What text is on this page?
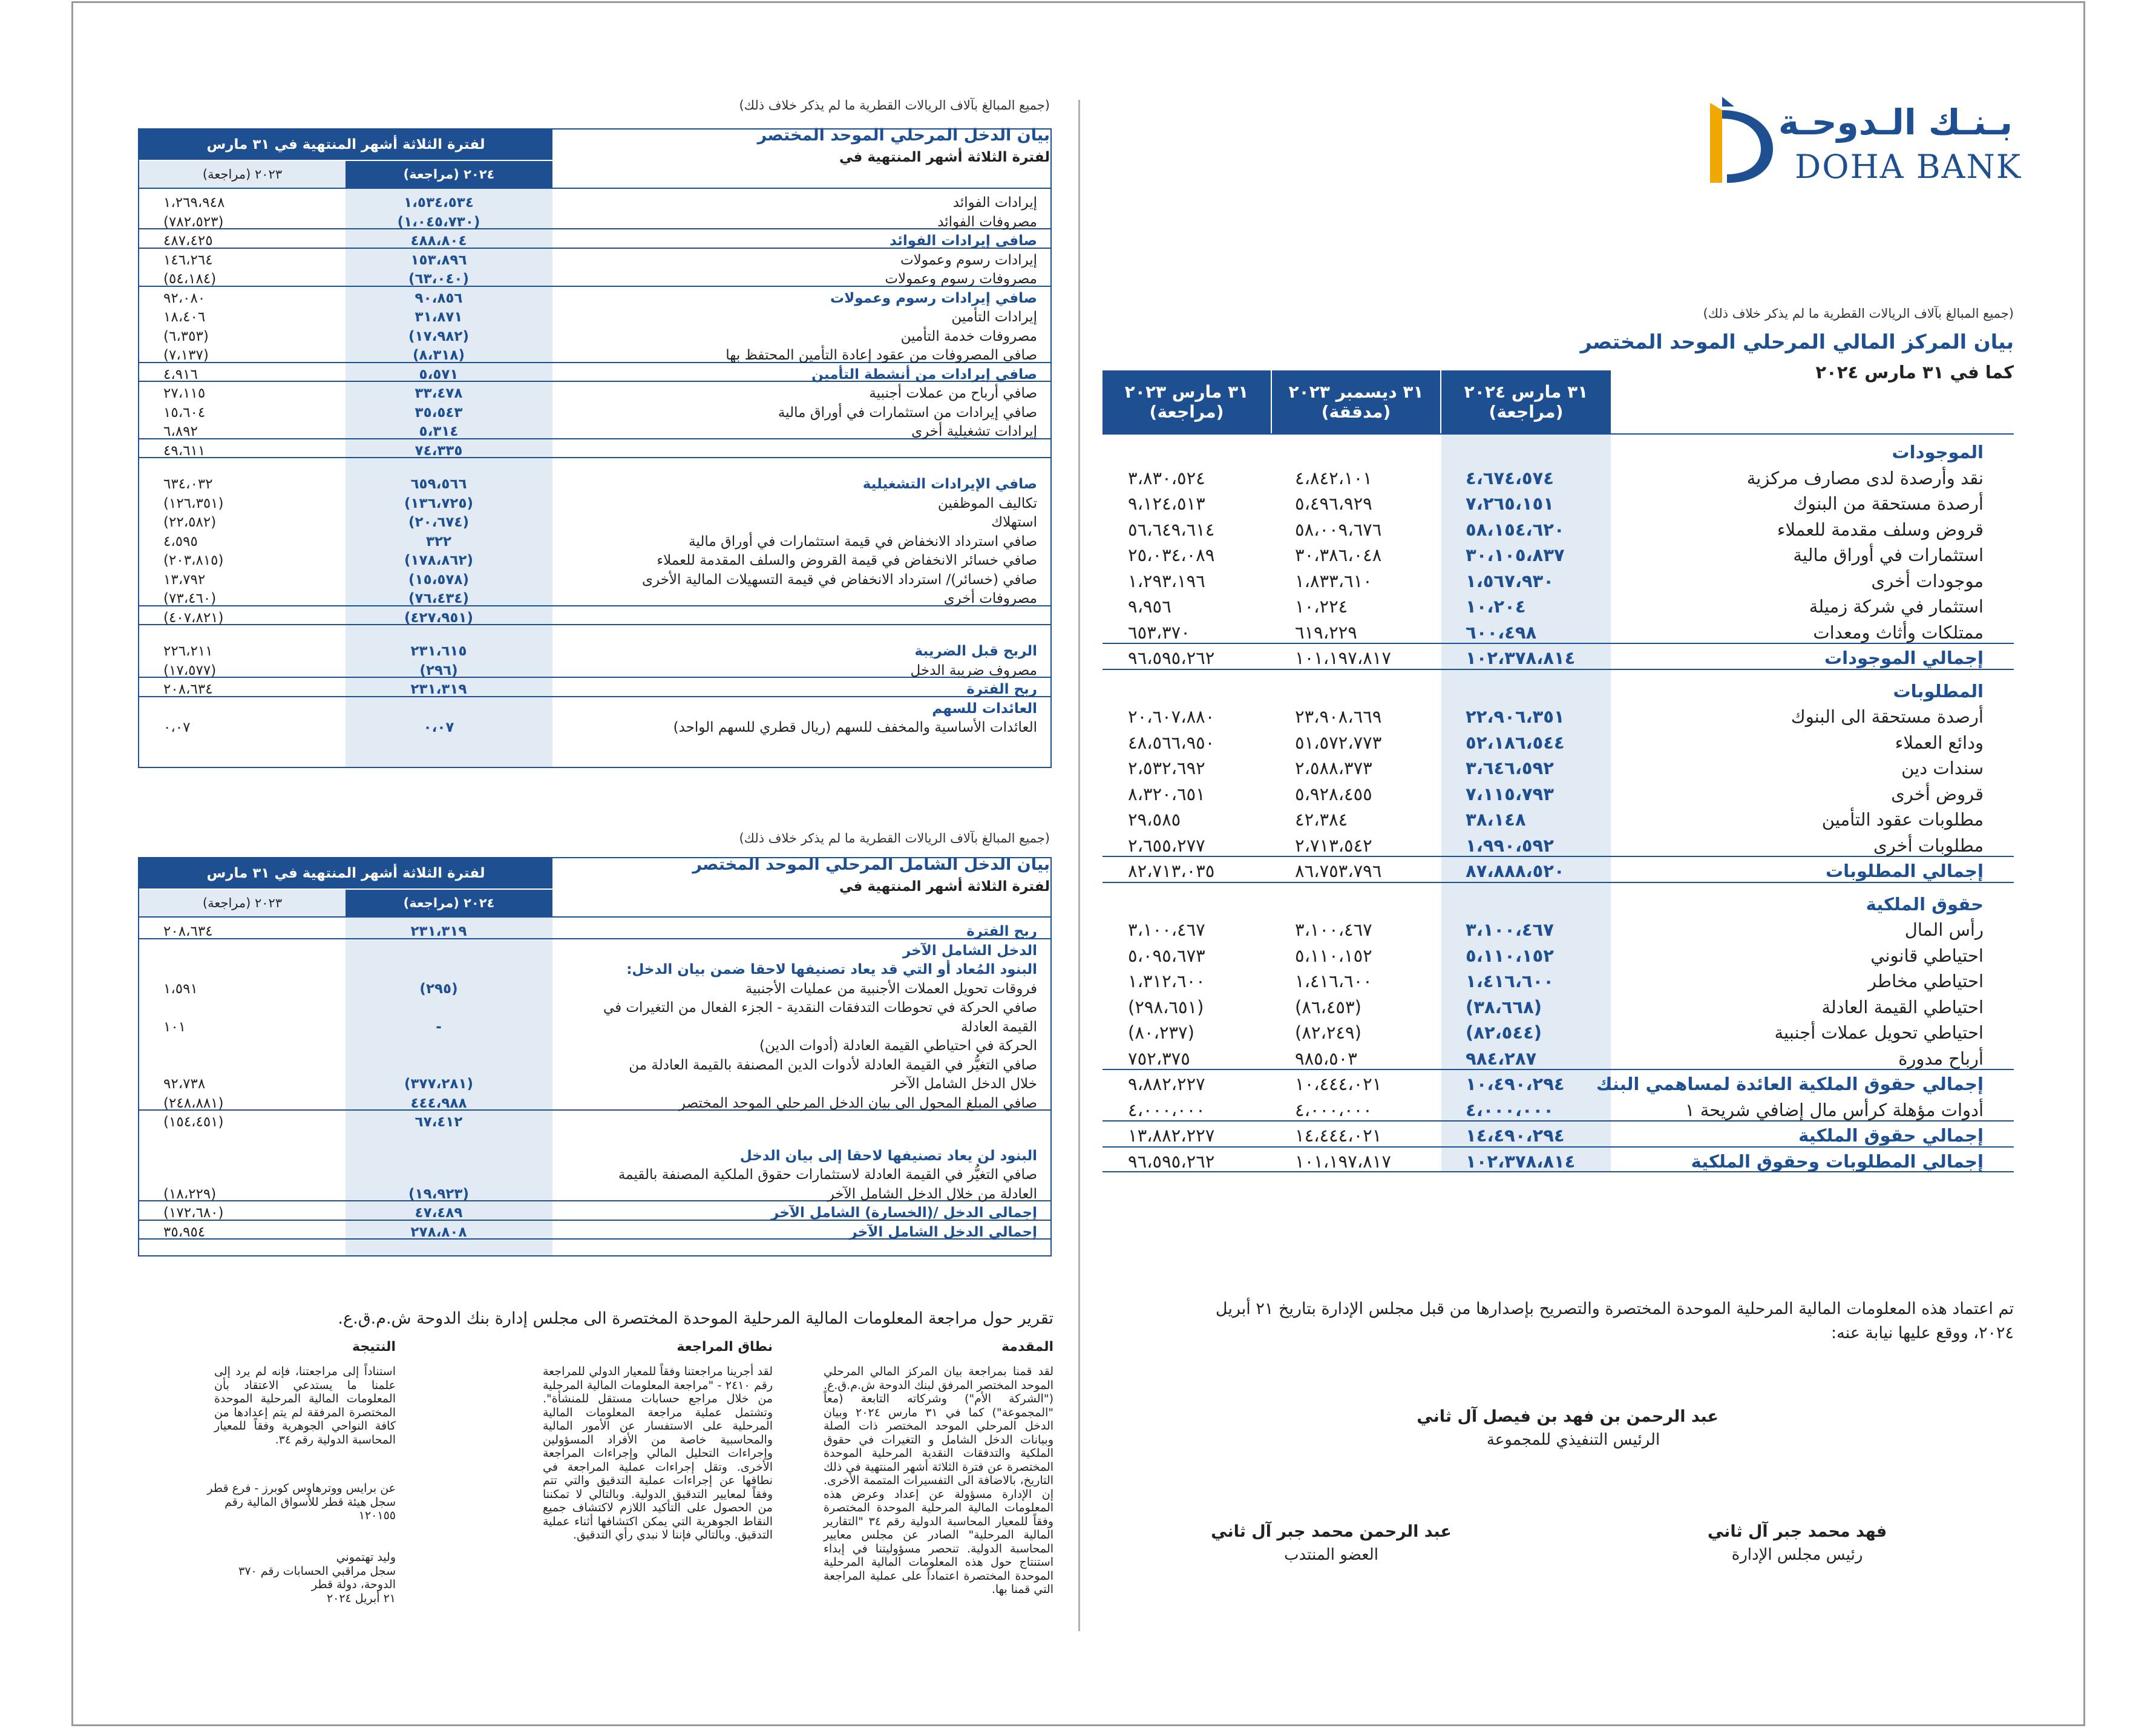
بـنـك الـدوحـة
DOHA BANK
(جميع المبالغ بآلاف الريالات القطرية ما لم يذكر خلاف ذلك)
بيان المركز المالي المرحلي الموحد المختصر
كما في ٣١ مارس ٢٠٢٤
٣١ مارس ٢٠٢٤
(مراجعة)
٣١ ديسمبر ٢٠٢٣
(مدققة)
٣١ مارس ٢٠٢٣
(مراجعة)
الموجودات
نقد وأرصدة لدى مصارف مركزية
٤،٦٧٤،٥٧٤
٤،٨٤٢،١٠١
٣،٨٣٠،٥٢٤
أرصدة مستحقة من البنوك
٧،٢٦٥،١٥١
٥،٤٩٦،٩٢٩
٩،١٢٤،٥١٣
قروض وسلف مقدمة للعملاء
٥٨،١٥٤،٦٢٠
٥٨،٠٠٩،٦٧٦
٥٦،٦٤٩،٦١٤
استثمارات في أوراق مالية
٣٠،١٠٥،٨٣٧
٣٠،٣٨٦،٠٤٨
٢٥،٠٣٤،٠٨٩
موجودات أخرى
١،٥٦٧،٩٣٠
١،٨٣٣،٦١٠
١،٢٩٣،١٩٦
استثمار في شركة زميلة
١٠،٢٠٤
١٠،٢٢٤
٩،٩٥٦
ممتلكات وأثاث ومعدات
٦٠٠،٤٩٨
٦١٩،٢٢٩
٦٥٣،٣٧٠
إجمالي الموجودات
١٠٢،٣٧٨،٨١٤
١٠١،١٩٧،٨١٧
٩٦،٥٩٥،٢٦٢
المطلوبات
أرصدة مستحقة الى البنوك
٢٢،٩٠٦،٣٥١
٢٣،٩٠٨،٦٦٩
٢٠،٦٠٧،٨٨٠
ودائع العملاء
٥٢،١٨٦،٥٤٤
٥١،٥٧٢،٧٧٣
٤٨،٥٦٦،٩٥٠
سندات دين
٣،٦٤٦،٥٩٢
٢،٥٨٨،٣٧٣
٢،٥٣٢،٦٩٢
قروض أخرى
٧،١١٥،٧٩٣
٥،٩٢٨،٤٥٥
٨،٣٢٠،٦٥١
مطلوبات عقود التأمين
٣٨،١٤٨
٤٢،٣٨٤
٢٩،٥٨٥
مطلوبات أخرى
١،٩٩٠،٥٩٢
٢،٧١٣،٥٤٢
٢،٦٥٥،٢٧٧
إجمالي المطلوبات
٨٧،٨٨٨،٥٢٠
٨٦،٧٥٣،٧٩٦
٨٢،٧١٣،٠٣٥
حقوق الملكية
رأس المال
٣،١٠٠،٤٦٧
٣،١٠٠،٤٦٧
٣،١٠٠،٤٦٧
احتياطي قانوني
٥،١١٠،١٥٢
٥،١١٠،١٥٢
٥،٠٩٥،٦٧٣
احتياطي مخاطر
١،٤١٦،٦٠٠
١،٤١٦،٦٠٠
١،٣١٢،٦٠٠
احتياطي القيمة العادلة
(٣٨،٦٦٨)
(٨٦،٤٥٣)
(٢٩٨،٦٥١)
احتياطي تحويل عملات أجنبية
(٨٢،٥٤٤)
(٨٢،٢٤٩)
(٨٠،٢٣٧)
أرباح مدورة
٩٨٤،٢٨٧
٩٨٥،٥٠٣
٧٥٢،٣٧٥
إجمالي حقوق الملكية العائدة لمساهمي البنك
١٠،٤٩٠،٢٩٤
١٠،٤٤٤،٠٢١
٩،٨٨٢،٢٢٧
أدوات مؤهلة كرأس مال إضافي شريحة ١
٤،٠٠٠،٠٠٠
٤،٠٠٠،٠٠٠
٤،٠٠٠،٠٠٠
إجمالي حقوق الملكية
١٤،٤٩٠،٢٩٤
١٤،٤٤٤،٠٢١
١٣،٨٨٢،٢٢٧
إجمالي المطلوبات وحقوق الملكية
١٠٢،٣٧٨،٨١٤
١٠١،١٩٧،٨١٧
٩٦،٥٩٥،٢٦٢
(جميع المبالغ بآلاف الريالات القطرية ما لم يذكر خلاف ذلك)
بيان الدخل المرحلي الموحد المختصر
لفترة الثلاثة أشهر المنتهية في
لفترة الثلاثة أشهر المنتهية في ٣١ مارس
٢٠٢٤ (مراجعة)
٢٠٢٣ (مراجعة)
إيرادات الفوائد
١،٥٣٤،٥٣٤
١،٢٦٩،٩٤٨
مصروفات الفوائد
(١،٠٤٥،٧٣٠)
(٧٨٢،٥٢٣)
صافي إيرادات الفوائد
٤٨٨،٨٠٤
٤٨٧،٤٢٥
إيرادات رسوم وعمولات
١٥٣،٨٩٦
١٤٦،٢٦٤
مصروفات رسوم وعمولات
(٦٣،٠٤٠)
(٥٤،١٨٤)
صافي إيرادات رسوم وعمولات
٩٠،٨٥٦
٩٢،٠٨٠
إيرادات التأمين
٣١،٨٧١
١٨،٤٠٦
مصروفات خدمة التأمين
(١٧،٩٨٢)
(٦،٣٥٣)
صافي المصروفات من عقود إعادة التأمين المحتفظ بها
(٨،٣١٨)
(٧،١٣٧)
صافي إيرادات من أنشطة التأمين
٥،٥٧١
٤،٩١٦
صافي أرباح من عملات أجنبية
٣٣،٤٧٨
٢٧،١١٥
صافي إيرادات من استثمارات في أوراق مالية
٣٥،٥٤٣
١٥،٦٠٤
إيرادات تشغيلية أخرى
٥،٣١٤
٦،٨٩٢
٧٤،٣٣٥
٤٩،٦١١
صافي الإيرادات التشغيلية
٦٥٩،٥٦٦
٦٣٤،٠٣٢
تكاليف الموظفين
(١٣٦،٧٢٥)
(١٢٦،٣٥١)
استهلاك
(٢٠،٦٧٤)
(٢٢،٥٨٢)
صافي استرداد الانخفاض في قيمة استثمارات في أوراق مالية
٣٢٢
٤،٥٩٥
صافي خسائر الانخفاض في قيمة القروض والسلف المقدمة للعملاء
(١٧٨،٨٦٢)
(٢٠٣،٨١٥)
صافي (خسائر)/ استرداد الانخفاض في قيمة التسهيلات المالية الأخرى
(١٥،٥٧٨)
١٣،٧٩٢
مصروفات أخرى
(٧٦،٤٣٤)
(٧٣،٤٦٠)
(٤٢٧،٩٥١)
(٤٠٧،٨٢١)
الربح قبل الضريبة
٢٣١،٦١٥
٢٢٦،٢١١
مصروف ضريبة الدخل
(٢٩٦)
(١٧،٥٧٧)
ربح الفترة
٢٣١،٣١٩
٢٠٨،٦٣٤
العائدات للسهم
العائدات الأساسية والمخفف للسهم (ريال قطري للسهم الواحد)
٠،٠٧
٠،٠٧
(جميع المبالغ بآلاف الريالات القطرية ما لم يذكر خلاف ذلك)
بيان الدخل الشامل المرحلي الموحد المختصر
لفترة الثلاثة أشهر المنتهية في
لفترة الثلاثة أشهر المنتهية في ٣١ مارس
٢٠٢٤ (مراجعة)
٢٠٢٣ (مراجعة)
ربح الفترة
٢٣١،٣١٩
٢٠٨،٦٣٤
الدخل الشامل الآخر
البنود المُعاد أو التي قد يعاد تصنيفها لاحقا ضمن بيان الدخل:
فروقات تحويل العملات الأجنبية من عمليات الأجنبية
(٢٩٥)
١،٥٩١
صافي الحركة في تحوطات التدفقات النقدية - الجزء الفعال من التغيرات في
القيمة العادلة
-
١٠١
الحركة في احتياطي القيمة العادلة (أدوات الدين)
صافي التغيُّر في القيمة العادلة لأدوات الدين المصنفة بالقيمة العادلة من
خلال الدخل الشامل الآخر
(٣٧٧،٢٨١)
٩٢،٧٣٨
صافي المبلغ المحول الى بيان الدخل المرحلي الموحد المختصر
٤٤٤،٩٨٨
(٢٤٨،٨٨١)
٦٧،٤١٢
(١٥٤،٤٥١)
البنود لن يعاد تصنيفها لاحقا إلى بيان الدخل
صافي التغيُّر في القيمة العادلة لاستثمارات حقوق الملكية المصنفة بالقيمة
العادلة من خلال الدخل الشامل الآخر
(١٩،٩٢٣)
(١٨،٢٢٩)
إجمالي الدخل /(الخسارة) الشامل الآخر
٤٧،٤٨٩
(١٧٢،٦٨٠)
إجمالي الدخل الشامل الآخر
٢٧٨،٨٠٨
٣٥،٩٥٤
تم اعتماد هذه المعلومات المالية المرحلية الموحدة المختصرة والتصريح بإصدارها من قبل مجلس الإدارة بتاريخ ٢١ أبريل
٢٠٢٤، ووقع عليها نيابة عنه:
عبد الرحمن بن فهد بن فيصل آل ثاني
الرئيس التنفيذي للمجموعة
فهد محمد جبر آل ثاني
رئيس مجلس الإدارة
عبد الرحمن محمد جبر آل ثاني
العضو المنتدب
تقرير حول مراجعة المعلومات المالية المرحلية الموحدة المختصرة الى مجلس إدارة بنك الدوحة ش.م.ق.ع.
المقدمة
لقد قمنا بمراجعة بيان المركز المالي المرحلي الموحد المختصر المرفق لبنك الدوحة ش.م.ق.ع. ("الشركة الأم") وشركاته التابعة (معاً "المجموعة") كما في ٣١ مارس ٢٠٢٤ وبيان الدخل المرحلي الموحد المختصر ذات الصلة وبيانات الدخل الشامل و التغيرات في حقوق الملكية والتدفقات النقدية المرحلية الموحدة المختصرة عن فترة الثلاثة أشهر المنتهية في ذلك التاريخ، بالاضافة الى التفسيرات المتممة الأخرى. إن الإدارة مسؤولة عن إعداد وعرض هذه المعلومات المالية المرحلية الموحدة المختصرة وفقاً للمعيار المحاسبة الدولية رقم ٣٤ "التقارير المالية المرحلية" الصادر عن مجلس معايير المحاسبة الدولية. تنحصر مسؤوليتنا في إبداء استنتاج حول هذه المعلومات المالية المرحلية الموحدة المختصرة اعتماداً على عملية المراجعة التي قمنا بها.
نطاق المراجعة
لقد أجرينا مراجعتنا وفقاً للمعيار الدولي للمراجعة رقم ٢٤١٠ - "مراجعة المعلومات المالية المرحلية من خلال مراجع حسابات مستقل للمنشأة". وتشتمل عملية مراجعة المعلومات المالية المرحلية على الاستفسار عن الأمور المالية والمحاسبية خاصة من الأفراد المسؤولين وإجراءات التحليل المالي وإجراءات المراجعة الأخرى. وتقل إجراءات عملية المراجعة في نطاقها عن إجراءات عملية التدقيق والتي تتم وفقاً لمعايير التدقيق الدولية. وبالتالي لا تمكننا من الحصول على التأكيد اللازم لاكتشاف جميع النقاط الجوهرية التي يمكن اكتشافها أثناء عملية التدقيق. وبالتالي فإننا لا نبدي رأي التدقيق.
النتيجة
استناداً إلى مراجعتنا، فإنه لم يرد إلى علمنا ما يستدعي الاعتقاد بأن المعلومات المالية المرحلية الموحدة المختصرة المرفقة لم يتم إعدادها من كافة النواحي الجوهرية وفقاً للمعيار المحاسبة الدولية رقم ٣٤.
عن برايس ووترهاوس كوبرز - فرع قطر
سجل هيئة قطر للأسواق المالية رقم
١٢٠١٥٥
وليد تهتموني
سجل مراقبي الحسابات رقم ٣٧٠
الدوحة، دولة قطر
٢١ أبريل ٢٠٢٤
